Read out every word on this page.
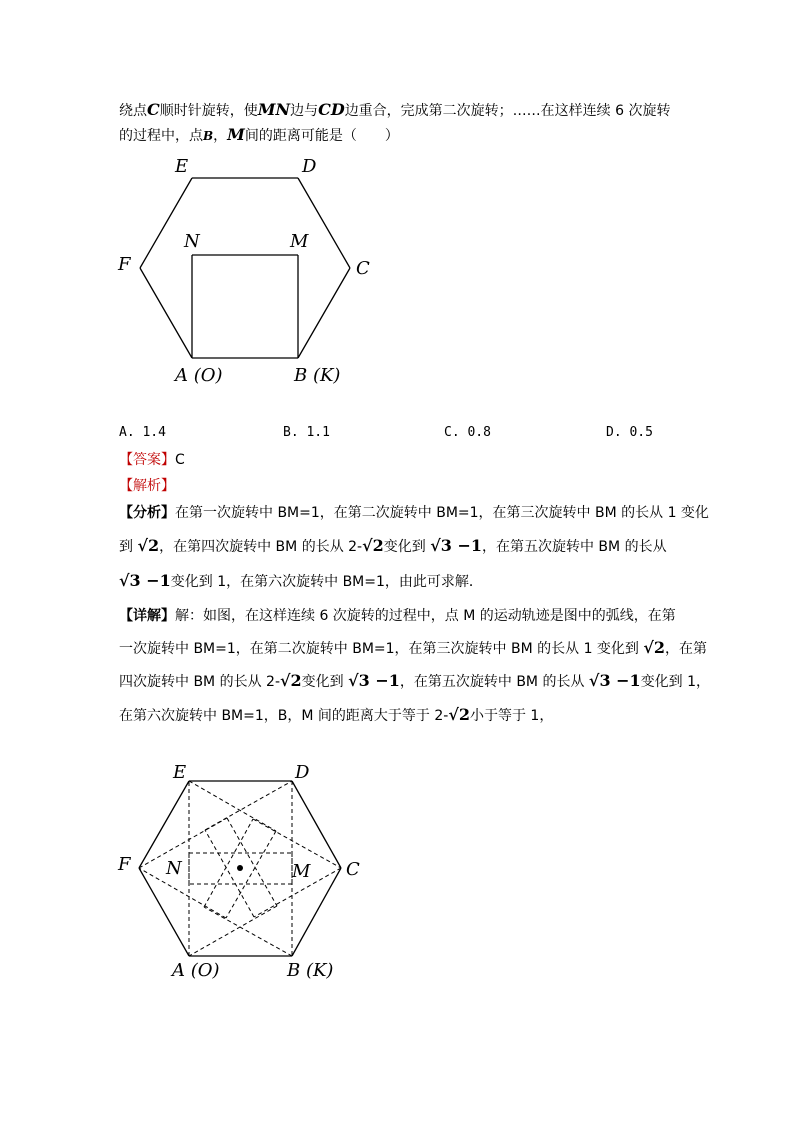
绕点C顺时针旋转，使MN边与CD边重合，完成第二次旋转；……在这样连续 6 次旋转
的过程中，点B，M间的距离可能是（　　）
E	D
C
B (K)
A (O)
F
N	M
E	D
C
B (K)
A (O)
F N	M
A. 1.4	B. 1.1	C. 0.8	D. 0.5
【答案】C
【解析】
【分析】在第一次旋转中 BM=1，在第二次旋转中 BM=1，在第三次旋转中 BM 的长从 1 变化
到 √2，在第四次旋转中 BM 的长从 2-√2变化到 √3 −1，在第五次旋转中 BM 的长从
√3 −1变化到 1，在第六次旋转中 BM=1，由此可求解．
【详解】解：如图，在这样连续 6 次旋转的过程中，点 M 的运动轨迹是图中的弧线，在第
一次旋转中 BM=1，在第二次旋转中 BM=1，在第三次旋转中 BM 的长从 1 变化到 √2，在第
四次旋转中 BM 的长从 2-√2变化到 √3 −1，在第五次旋转中 BM 的长从 √3 −1变化到 1，
在第六次旋转中 BM=1，B，M 间的距离大于等于 2-√2小于等于 1，
